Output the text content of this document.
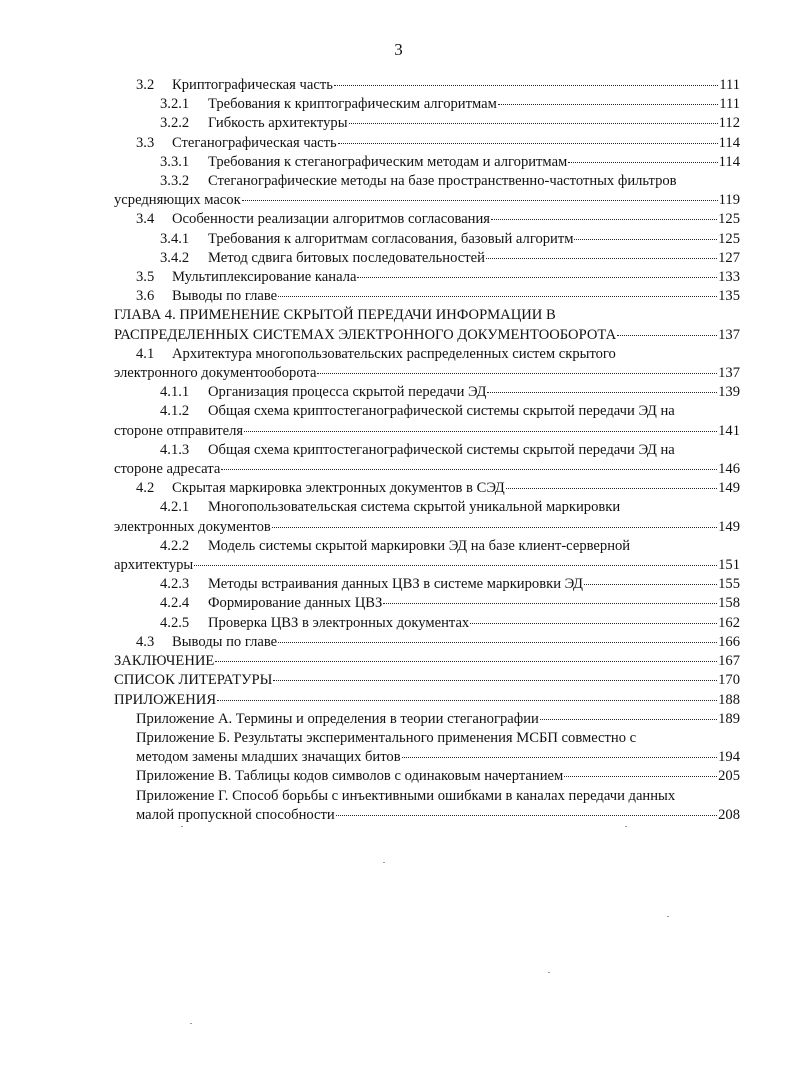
3
3.2	Криптографическая часть	111
3.2.1	Требования к криптографическим алгоритмам	111
3.2.2	Гибкость архитектуры	112
3.3	Стеганографическая часть	114
3.3.1	Требования к стеганографическим методам и алгоритмам	114
3.3.2 Стеганографические методы на базе пространственно-частотных фильтров
усредняющих масок	119
3.4	Особенности реализации алгоритмов согласования	125
3.4.1	Требования к алгоритмам согласования, базовый алгоритм	125
3.4.2	Метод сдвига битовых последовательностей	127
3.5	Мультиплексирование канала	133
3.6	Выводы по главе	135
ГЛАВА 4. ПРИМЕНЕНИЕ СКРЫТОЙ ПЕРЕДАЧИ ИНФОРМАЦИИ В
РАСПРЕДЕЛЕННЫХ СИСТЕМАХ ЭЛЕКТРОННОГО ДОКУМЕНТООБОРОТА	137
4.1 Архитектура многопользовательских распределенных систем скрытого
электронного документооборота	137
4.1.1	Организация процесса скрытой передачи ЭД	139
4.1.2 Общая схема криптостеганографической системы скрытой передачи ЭД на
стороне отправителя	141
4.1.3 Общая схема криптостеганографической системы скрытой передачи ЭД на
стороне адресата	146
4.2	Скрытая маркировка электронных документов в СЭД	149
4.2.1 Многопользовательская система скрытой уникальной маркировки
электронных документов	149
4.2.2 Модель системы скрытой маркировки ЭД на базе клиент-серверной
архитектуры	151
4.2.3	Методы встраивания данных ЦВЗ в системе маркировки ЭД	155
4.2.4	Формирование данных ЦВЗ	158
4.2.5	Проверка ЦВЗ в электронных документах	162
4.3	Выводы по главе	166
ЗАКЛЮЧЕНИЕ	167
СПИСОК ЛИТЕРАТУРЫ	170
ПРИЛОЖЕНИЯ	188
Приложение А. Термины и определения в теории стеганографии	189
Приложение Б. Результаты экспериментального применения МСБП совместно с
методом замены младших значащих битов	194
Приложение В. Таблицы кодов символов с одинаковым начертанием	205
Приложение Г. Способ борьбы с инъективными ошибками в каналах передачи данных
малой пропускной способности	208
